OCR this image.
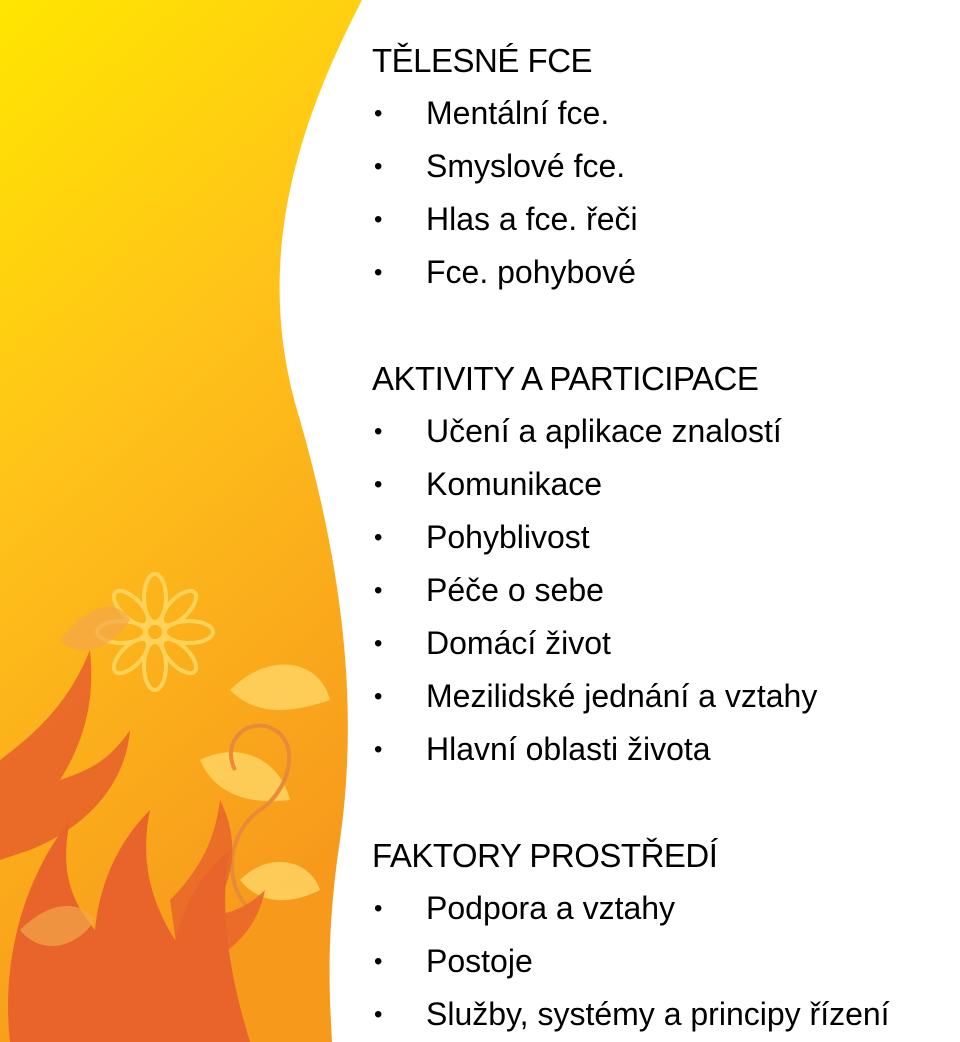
TĚLESNÉ FCE
• Mentální fce.
• Smyslové fce.
• Hlas a fce. řeči
• Fce. pohybové
AKTIVITY A PARTICIPACE
• Učení a aplikace znalostí
• Komunikace
• Pohyblivost
• Péče o sebe
• Domácí život
• Mezilidské jednání a vztahy
• Hlavní oblasti života
FAKTORY PROSTŘEDÍ
• Podpora a vztahy
• Postoje
• Služby, systémy a principy řízení
